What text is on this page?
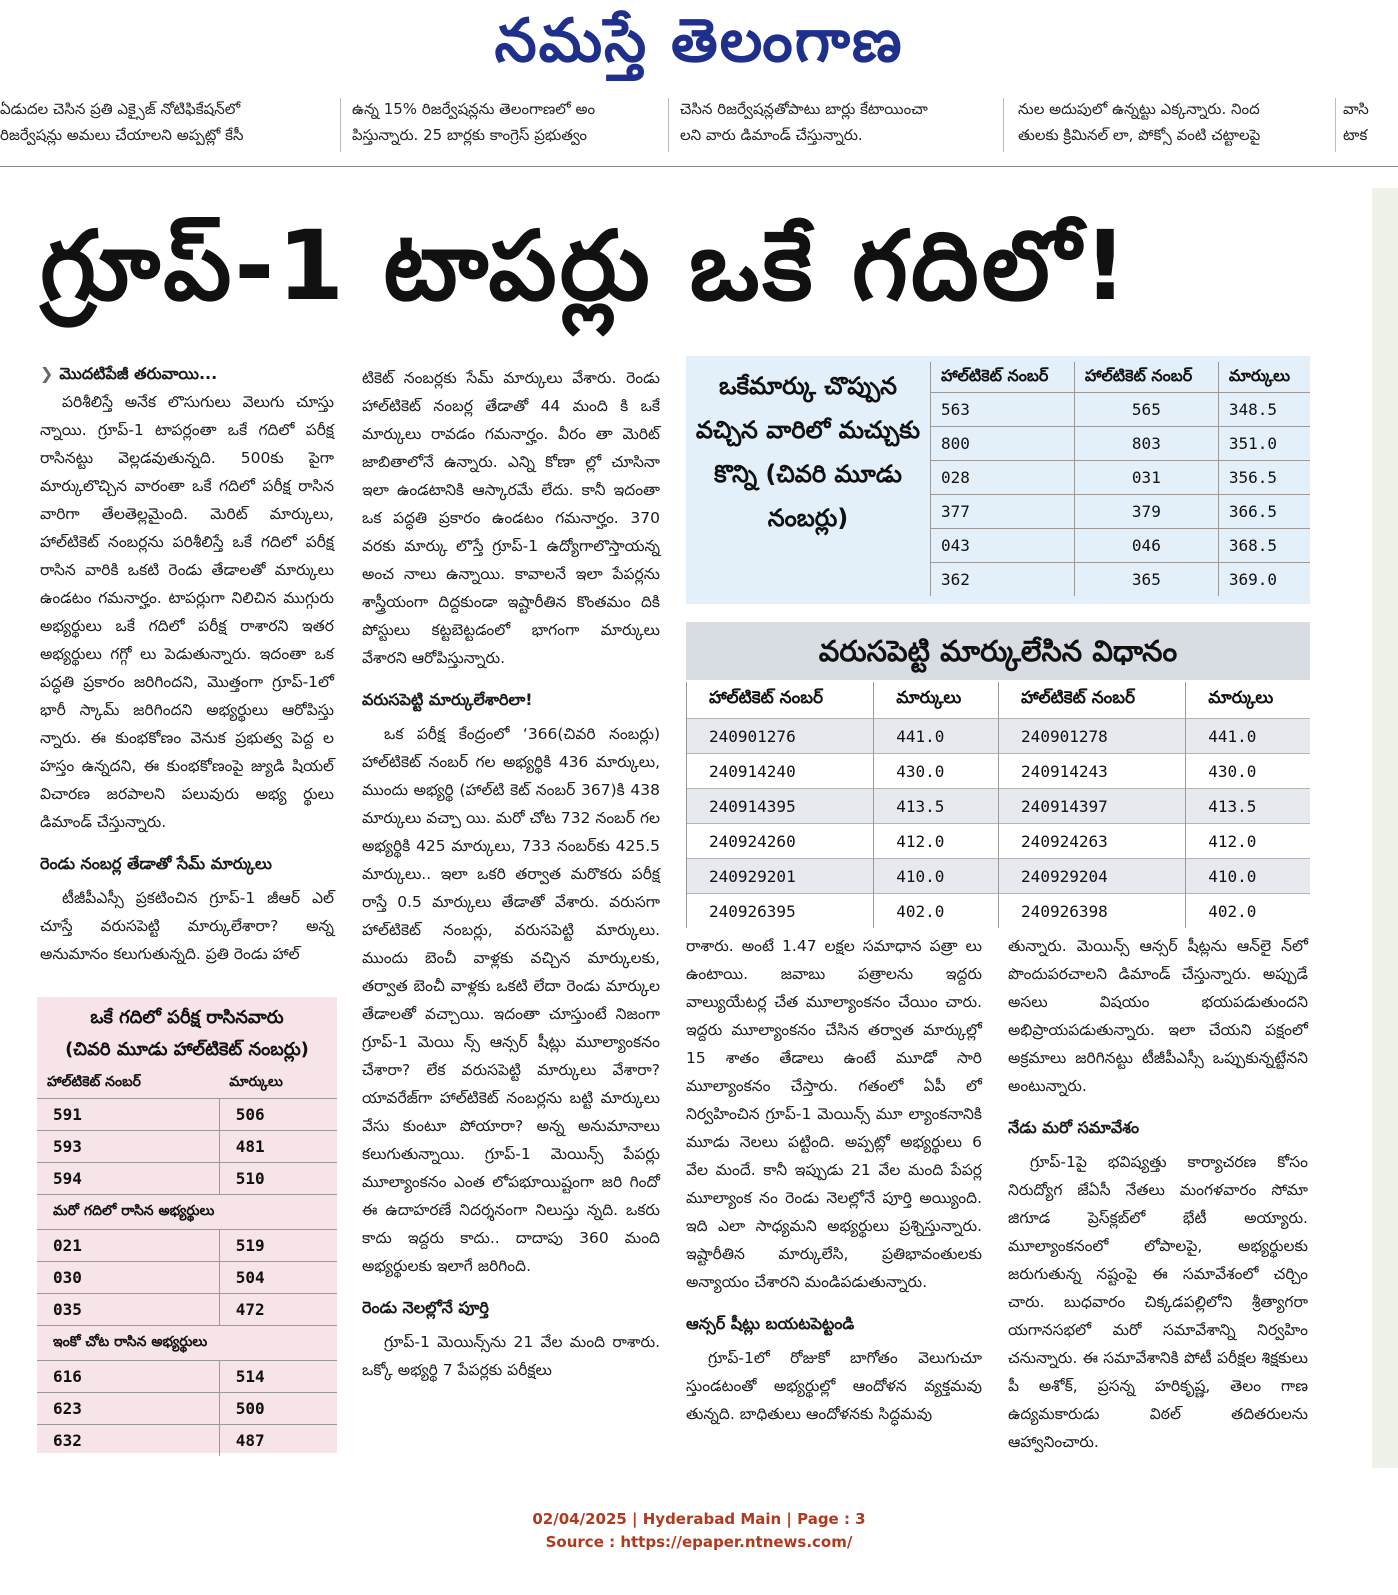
నమస్తే తెలంగాణ
ఏడుదల చెసిన ప్రతి ఎక్సైజ్ నోటిఫికేషన్‌లో
రిజర్వేషన్లు అమలు చేయాలని అప్పట్లో కేసీ
ఉన్న 15% రిజర్వేషన్లను తెలంగాణలో అం
పిస్తున్నారు. 25 బార్లకు కాంగ్రెస్ ప్రభుత్వం
చెసిన రిజర్వేషన్లతోపాటు బార్లు కేటాయించా
లని వారు డిమాండ్ చేస్తున్నారు.
నుల అదుపులో ఉన్నట్టు ఎక్కన్నారు. నింద
తులకు క్రిమినల్ లా, పోక్సో వంటి చట్టాలపై
వాసి
టాక
గ్రూప్-1 టాపర్లు ఒకే గదిలో!
❯ మొదటిపేజీ తరువాయి...

పరిశీలిస్తే అనేక లొసుగులు వెలుగు చూస్తు న్నాయి. గ్రూప్-1 టాపర్లంతా ఒకే గదిలో పరీక్ష రాసినట్టు వెల్లడవుతున్నది. 500కు పైగా మార్కులొచ్చిన వారంతా ఒకే గదిలో పరీక్ష రాసిన వారిగా తేలతెల్లమైంది. మెరిట్ మార్కులు, హాల్‌టికెట్ నంబర్లను పరిశీలిస్తే ఒకే గదిలో పరీక్ష రాసిన వారికి ఒకటి రెండు తేడాలతో మార్కులు ఉండటం గమనార్హం. టాపర్లుగా నిలిచిన ముగ్గురు అభ్యర్థులు ఒకే గదిలో పరీక్ష రాశారని ఇతర అభ్యర్థులు గగ్గో లు పెడుతున్నారు. ఇదంతా ఒక పద్ధతి ప్రకారం జరిగిందని, మొత్తంగా గ్రూప్-1లో భారీ స్కామ్ జరిగిందని అభ్యర్థులు ఆరోపిస్తు న్నారు. ఈ కుంభకోణం వెనుక ప్రభుత్వ పెద్ద ల హస్తం ఉన్నదని, ఈ కుంభకోణంపై జ్యుడి షియల్ విచారణ జరపాలని పలువురు అభ్య ర్థులు డిమాండ్ చేస్తున్నారు.

రెండు నంబర్ల తేడాతో సేమ్ మార్కులు

టీజీపీఎస్సీ ప్రకటించిన గ్రూప్-1 జీఆర్ ఎల్ చూస్తే వరుసపెట్టి మార్కులేశారా? అన్న అనుమానం కలుగుతున్నది. ప్రతి రెండు హాల్

ఒకే గదిలో పరీక్ష రాసినవారు
(చివరి మూడు హాల్‌టికెట్ నంబర్లు)
హాల్‌టికెట్ నంబర్	మార్కులు
591	506
593	481
594	510
మరో గదిలో రాసిన అభ్యర్థులు	
021	519
030	504
035	472
ఇంకో చోట రాసిన అభ్యర్థులు	
616	514
623	500
632	487

టికెట్ నంబర్లకు సేమ్ మార్కులు వేశారు. రెండు హాల్‌టికెట్ నంబర్ల తేడాతో 44 మంది కి ఒకే మార్కులు రావడం గమనార్హం. వీరం తా మెరిట్ జాబితాలోనే ఉన్నారు. ఎన్ని కోణా ల్లో చూసినా ఇలా ఉండటానికి ఆస్కారమే లేదు. కానీ ఇదంతా ఒక పద్ధతి ప్రకారం ఉండటం గమనార్హం. 370 వరకు మార్కు లొస్తే గ్రూప్-1 ఉద్యోగాలొస్తాయన్న అంచ నాలు ఉన్నాయి. కావాలనే ఇలా పేపర్లను శాస్త్రీయంగా దిద్దకుండా ఇష్టారీతిన కొంతమం దికి పోస్టులు కట్టబెట్టడంలో భాగంగా మార్కులు వేశారని ఆరోపిస్తున్నారు.

వరుసపెట్టి మార్కులేశారిలా!

ఒక పరీక్ష కేంద్రంలో ‘366(చివరి నంబర్లు) హాల్‌టికెట్ నంబర్ గల అభ్యర్థికి 436 మార్కులు, ముందు అభ్యర్థి (హాల్‌టి కెట్ నంబర్ 367)కి 438 మార్కులు వచ్చా యి. మరో చోట 732 నంబర్ గల అభ్యర్థికి 425 మార్కులు, 733 నంబర్‌కు 425.5 మార్కులు.. ఇలా ఒకరి తర్వాత మరొకరు పరీక్ష రాస్తే 0.5 మార్కులు తేడాతో వేశారు. వరుసగా హాల్‌టికెట్ నంబర్లు, వరుసపెట్టి మార్కులు. ముందు బెంచీ వాళ్లకు వచ్చిన మార్కులకు, తర్వాత బెంచీ వాళ్లకు ఒకటి లేదా రెండు మార్కుల తేడాలతో వచ్చాయి. ఇదంతా చూస్తుంటే నిజంగా గ్రూప్-1 మెయి న్స్ ఆన్సర్ షీట్లు మూల్యాంకనం చేశారా? లేక వరుసపెట్టి మార్కులు వేశారా? యావరేజ్‌గా హాల్‌టికెట్ నంబర్లను బట్టి మార్కులు వేసు కుంటూ పోయారా? అన్న అనుమానాలు కలుగుతున్నాయి. గ్రూప్-1 మెయిన్స్ పేపర్లు మూల్యాంకనం ఎంత లోపభూయిష్టంగా జరి గిందో ఈ ఉదాహరణే నిదర్శనంగా నిలుస్తు న్నది. ఒకరు కాదు ఇద్దరు కాదు.. దాదాపు 360 మంది అభ్యర్థులకు ఇలాగే జరిగింది.

రెండు నెలల్లోనే పూర్తి

గ్రూప్-1 మెయిన్స్‌ను 21 వేల మంది రాశారు. ఒక్కో అభ్యర్థి 7 పేపర్లకు పరీక్షలు

ఒకేమార్కు చొప్పున వచ్చిన వారిలో మచ్చుకు కొన్ని (చివరి మూడు నంబర్లు)
హాల్‌టికెట్ నంబర్	హాల్‌టికెట్ నంబర్	మార్కులు
563	565	348.5
800	803	351.0
028	031	356.5
377	379	366.5
043	046	368.5
362	365	369.0
వరుసపెట్టి మార్కులేసిన విధానం
హాల్‌టికెట్ నంబర్	మార్కులు	హాల్‌టికెట్ నంబర్	మార్కులు
240901276	441.0	240901278	441.0
240914240	430.0	240914243	430.0
240914395	413.5	240914397	413.5
240924260	412.0	240924263	412.0
240929201	410.0	240929204	410.0
240926395	402.0	240926398	402.0

రాశారు. అంటే 1.47 లక్షల సమాధాన పత్రా లు ఉంటాయి. జవాబు పత్రాలను ఇద్దరు వాల్యుయేటర్ల చేత మూల్యాంకనం చేయిం చారు. ఇద్దరు మూల్యాంకనం చేసిన తర్వాత మార్కుల్లో 15 శాతం తేడాలు ఉంటే మూడో సారి మూల్యాంకనం చేస్తారు. గతంలో ఏపీ లో నిర్వహించిన గ్రూప్-1 మెయిన్స్ మూ ల్యాంకనానికి మూడు నెలలు పట్టింది. అప్పట్లో అభ్యర్థులు 6 వేల మందే. కానీ ఇప్పుడు 21 వేల మంది పేపర్ల మూల్యాంక నం రెండు నెలల్లోనే పూర్తి అయ్యింది. ఇది ఎలా సాధ్యమని అభ్యర్థులు ప్రశ్నిస్తున్నారు. ఇష్టారీతిన మార్కులేసి, ప్రతిభావంతులకు అన్యాయం చేశారని మండిపడుతున్నారు.

ఆన్సర్ షీట్లు బయటపెట్టండి

గ్రూప్-1లో రోజుకో బాగోతం వెలుగుచూ స్తుండటంతో అభ్యర్థుల్లో ఆందోళన వ్యక్తమవు తున్నది. బాధితులు ఆందోళనకు సిద్ధమవు

తున్నారు. మెయిన్స్ ఆన్సర్ షీట్లను ఆన్‌లై న్‌లో పొందుపరచాలని డిమాండ్ చేస్తున్నారు. అప్పుడే అసలు విషయం భయపడుతుందని అభిప్రాయపడుతున్నారు. ఇలా చేయని పక్షంలో అక్రమాలు జరిగినట్టు టీజీపీఎస్సీ ఒప్పుకున్నట్టేనని అంటున్నారు.

నేడు మరో సమావేశం

గ్రూప్-1పై భవిష్యత్తు కార్యాచరణ కోసం నిరుద్యోగ జేఏసీ నేతలు మంగళవారం సోమా జిగూడ ప్రెస్‌క్లబ్‌లో భేటీ అయ్యారు. మూల్యాంకనంలో లోపాలపై, అభ్యర్థులకు జరుగుతున్న నష్టంపై ఈ సమావేశంలో చర్చిం చారు. బుధవారం చిక్కడపల్లిలోని శ్రీత్యాగరా యగానసభలో మరో సమావేశాన్ని నిర్వహిం చనున్నారు. ఈ సమావేశానికి పోటీ పరీక్షల శిక్షకులు పీ అశోక్, ప్రసన్న హరికృష్ణ, తెలం గాణ ఉద్యమకారుడు విఠల్ తదితరులను ఆహ్వానించారు.

02/04/2025 | Hyderabad Main | Page : 3
Source : https://epaper.ntnews.com/
